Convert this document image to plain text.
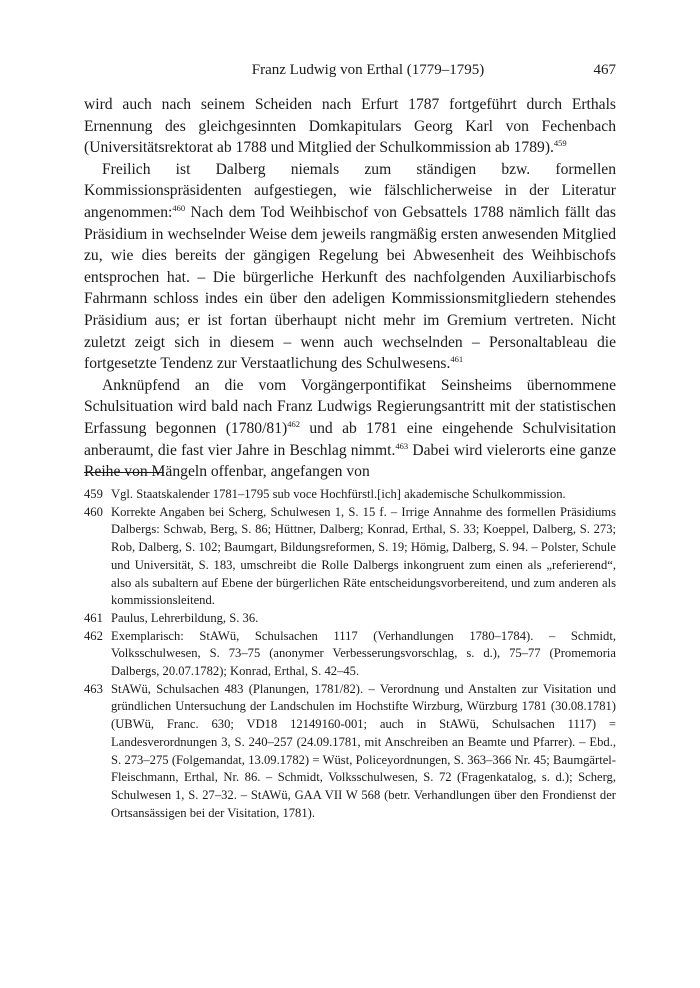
Franz Ludwig von Erthal (1779–1795)	467

wird auch nach seinem Scheiden nach Erfurt 1787 fortgeführt durch Erthals Ernennung des gleichgesinnten Domkapitulars Georg Karl von Fechenbach (Universitätsrektorat ab 1788 und Mitglied der Schulkommission ab 1789).$^{459}$

Freilich ist Dalberg niemals zum ständigen bzw. formellen Kommissionspräsidenten aufgestiegen, wie fälschlicherweise in der Literatur angenommen:$^{460}$ Nach dem Tod Weihbischof von Gebsattels 1788 nämlich fällt das Präsidium in wechselnder Weise dem jeweils rangmäßig ersten anwesenden Mitglied zu, wie dies bereits der gängigen Regelung bei Abwesenheit des Weihbischofs entsprochen hat. – Die bürgerliche Herkunft des nachfolgenden Auxiliarbischofs Fahrmann schloss indes ein über den adeligen Kommissionsmitgliedern stehendes Präsidium aus; er ist fortan überhaupt nicht mehr im Gremium vertreten. Nicht zuletzt zeigt sich in diesem – wenn auch wechselnden – Personaltableau die fortgesetzte Tendenz zur Verstaatlichung des Schulwesens.$^{461}$

Anknüpfend an die vom Vorgängerpontifikat Seinsheims übernommene Schulsituation wird bald nach Franz Ludwigs Regierungsantritt mit der statistischen Erfassung begonnen $(1780/81)^{462}$ und ab 1781 eine eingehende Schulvisitation anberaumt, die fast vier Jahre in Beschlag nimmt.$^{463}$ Dabei wird vielerorts eine ganze Reihe von Mängeln offenbar, angefangen von

459 Vgl. Staatskalender 1781–1795 sub voce Hochfürstl.[ich] akademische Schulkommission.
460 Korrekte Angaben bei Scherg, Schulwesen 1, S. 15 f. – Irrige Annahme des formellen Präsidiums Dalbergs: Schwab, Berg, S. 86; Hüttner, Dalberg; Konrad, Erthal, S. 33; Koeppel, Dalberg, S. 273; Rob, Dalberg, S. 102; Baumgart, Bildungsreformen, S. 19; Hömig, Dalberg, S. 94. – Polster, Schule und Universität, S. 183, umschreibt die Rolle Dalbergs inkongruent zum einen als „referierend“, also als subaltern auf Ebene der bürgerlichen Räte entscheidungsvorbereitend, und zum anderen als kommissionsleitend.
461 Paulus, Lehrerbildung, S. 36.
462 Exemplarisch: StAWü, Schulsachen 1117 (Verhandlungen 1780–1784). – Schmidt, Volksschulwesen, S. 73–75 (anonymer Verbesserungsvorschlag, s. d.), 75–77 (Promemoria Dalbergs, 20.07.1782); Konrad, Erthal, S. 42–45.
463 StAWü, Schulsachen 483 (Planungen, 1781/82). – Verordnung und Anstalten zur Visitation und gründlichen Untersuchung der Landschulen im Hochstifte Wirzburg, Würzburg 1781 (30.08.1781) (UBWü, Franc. 630; VD18 12149160-001; auch in StAWü, Schulsachen 1117) = Landesverordnungen 3, S. 240–257 (24.09.1781, mit Anschreiben an Beamte und Pfarrer). – Ebd., S. 273–275 (Folgemandat, 13.09.1782) = Wüst, Policeyordnungen, S. 363–366 Nr. 45; Baumgärtel-Fleischmann, Erthal, Nr. 86. – Schmidt, Volksschulwesen, S. 72 (Fragenkatalog, s. d.); Scherg, Schulwesen 1, S. 27–32. – StAWü, GAA VII W 568 (betr. Verhandlungen über den Frondienst der Ortsansässigen bei der Visitation, 1781).
